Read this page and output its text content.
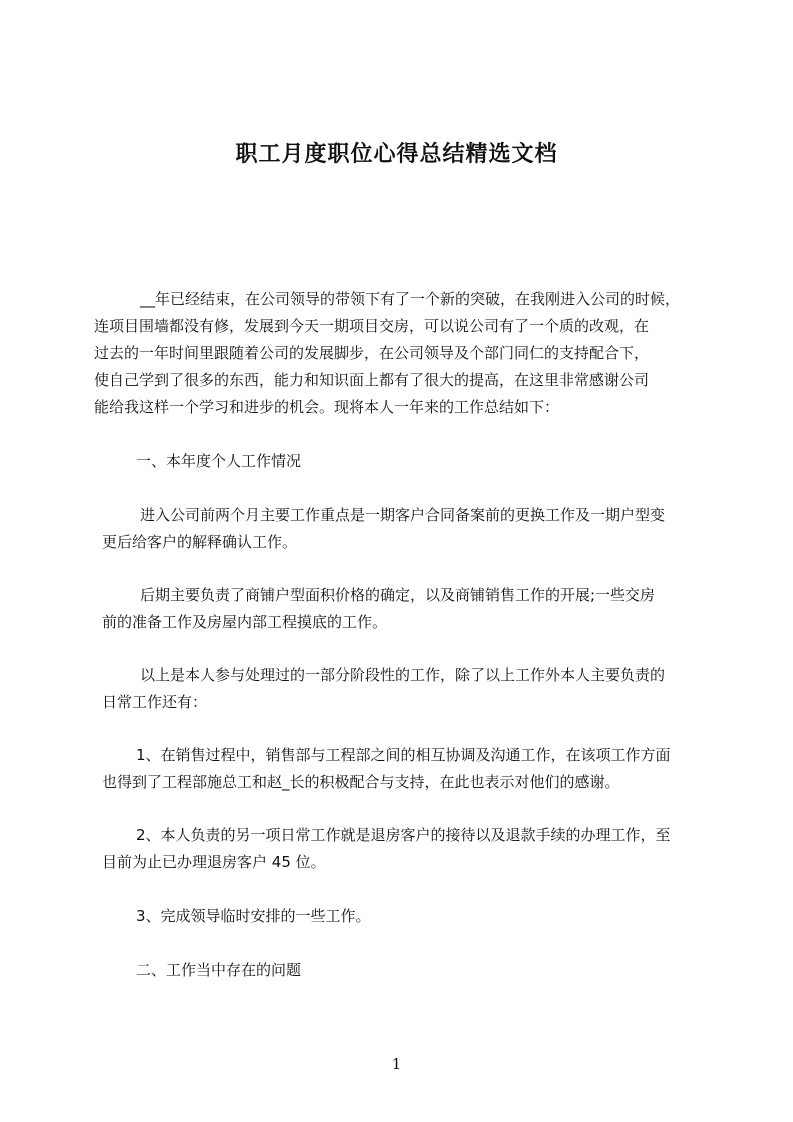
职工月度职位心得总结精选文档

__年已经结束，在公司领导的带领下有了一个新的突破，在我刚进入公司的时候，

连项目围墙都没有修，发展到今天一期项目交房，可以说公司有了一个质的改观，在

过去的一年时间里跟随着公司的发展脚步，在公司领导及个部门同仁的支持配合下，

使自己学到了很多的东西，能力和知识面上都有了很大的提高，在这里非常感谢公司

能给我这样一个学习和进步的机会。现将本人一年来的工作总结如下：

一、本年度个人工作情况

进入公司前两个月主要工作重点是一期客户合同备案前的更换工作及一期户型变

更后给客户的解释确认工作。

后期主要负责了商铺户型面积价格的确定，以及商铺销售工作的开展;一些交房

前的准备工作及房屋内部工程摸底的工作。

以上是本人参与处理过的一部分阶段性的工作，除了以上工作外本人主要负责的

日常工作还有：

1、在销售过程中，销售部与工程部之间的相互协调及沟通工作，在该项工作方面

也得到了工程部施总工和赵_长的积极配合与支持，在此也表示对他们的感谢。

2、本人负责的另一项日常工作就是退房客户的接待以及退款手续的办理工作，至

目前为止已办理退房客户 45 位。

3、完成领导临时安排的一些工作。

二、工作当中存在的问题

1
